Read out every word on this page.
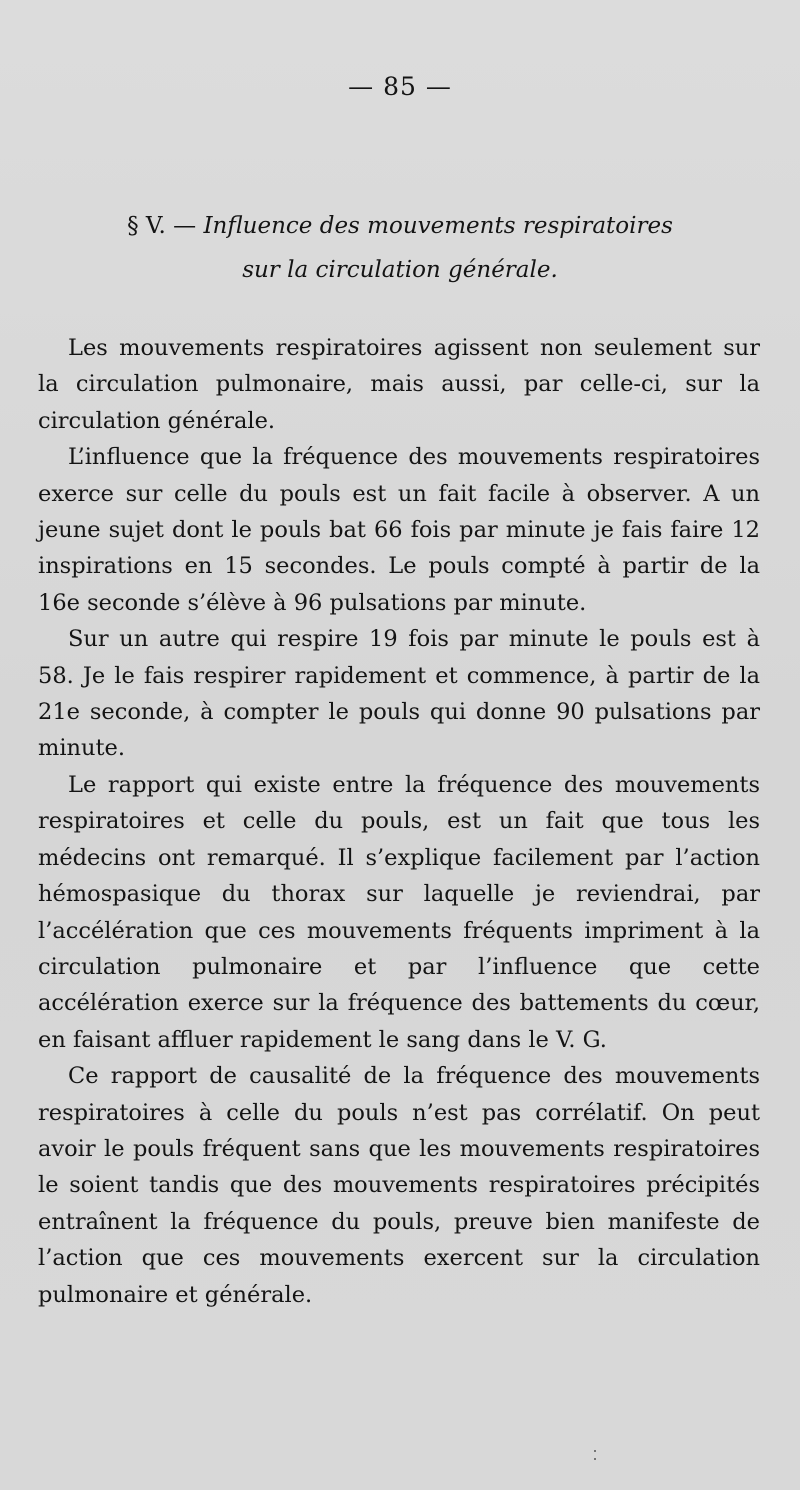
— 85 —
§ V. — Influence des mouvements respiratoires
sur la circulation générale.

Les mouvements respiratoires agissent non seulement sur la circulation pulmonaire, mais aussi, par celle-ci, sur la circulation générale.

L’influence que la fréquence des mouvements respiratoires exerce sur celle du pouls est un fait facile à observer. A un jeune sujet dont le pouls bat 66 fois par minute je fais faire 12 inspirations en 15 secondes. Le pouls compté à partir de la 16e seconde s’élève à 96 pulsations par minute.

Sur un autre qui respire 19 fois par minute le pouls est à 58. Je le fais respirer rapidement et commence, à partir de la 21e seconde, à compter le pouls qui donne 90 pulsations par minute.

Le rapport qui existe entre la fréquence des mouvements respiratoires et celle du pouls, est un fait que tous les médecins ont remarqué. Il s’explique facilement par l’action hémospasique du thorax sur laquelle je reviendrai, par l’accélération que ces mouvements fréquents impriment à la circulation pulmonaire et par l’influence que cette accélération exerce sur la fréquence des battements du cœur, en faisant affluer rapidement le sang dans le V. G.

Ce rapport de causalité de la fréquence des mouvements respiratoires à celle du pouls n’est pas corrélatif. On peut avoir le pouls fréquent sans que les mouvements respiratoires le soient tandis que des mouvements respiratoires précipités entraînent la fréquence du pouls, preuve bien manifeste de l’action que ces mouvements exercent sur la circulation pulmonaire et générale.
